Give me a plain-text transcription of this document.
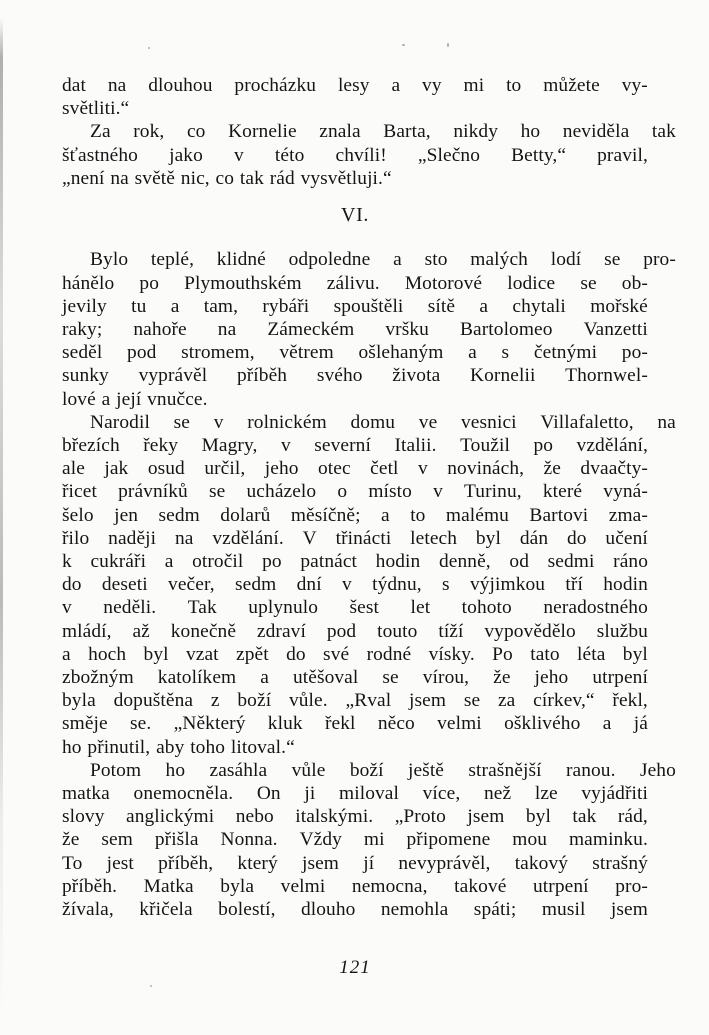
dat na dlouhou procházku lesy a vy mi to můžete vy-
světliti.“
Za rok, co Kornelie znala Barta, nikdy ho neviděla tak
šťastného jako v této chvíli! „Slečno Betty,“ pravil,
„není na světě nic, co tak rád vysvětluji.“
VI.
Bylo teplé, klidné odpoledne a sto malých lodí se pro-
hánělo po Plymouthském zálivu. Motorové lodice se ob-
jevily tu a tam, rybáři spouštěli sítě a chytali mořské
raky; nahoře na Zámeckém vršku Bartolomeo Vanzetti
seděl pod stromem, větrem ošlehaným a s četnými po-
sunky vyprávěl příběh svého života Kornelii Thornwel-
lové a její vnučce.
Narodil se v rolnickém domu ve vesnici Villafaletto, na
březích řeky Magry, v severní Italii. Toužil po vzdělání,
ale jak osud určil, jeho otec četl v novinách, že dvaačty-
řicet právníků se ucházelo o místo v Turinu, které vyná-
šelo jen sedm dolarů měsíčně; a to malému Bartovi zma-
řilo naději na vzdělání. V třinácti letech byl dán do učení
k cukráři a otročil po patnáct hodin denně, od sedmi ráno
do deseti večer, sedm dní v týdnu, s výjimkou tří hodin
v neděli. Tak uplynulo šest let tohoto neradostného
mládí, až konečně zdraví pod touto tíží vypovědělo službu
a hoch byl vzat zpět do své rodné vísky. Po tato léta byl
zbožným katolíkem a utěšoval se vírou, že jeho utrpení
byla dopuštěna z boží vůle. „Rval jsem se za církev,“ řekl,
směje se. „Některý kluk řekl něco velmi ošklivého a já
ho přinutil, aby toho litoval.“
Potom ho zasáhla vůle boží ještě strašnější ranou. Jeho
matka onemocněla. On ji miloval více, než lze vyjádřiti
slovy anglickými nebo italskými. „Proto jsem byl tak rád,
že sem přišla Nonna. Vždy mi připomene mou maminku.
To jest příběh, který jsem jí nevyprávěl, takový strašný
příběh. Matka byla velmi nemocna, takové utrpení pro-
žívala, křičela bolestí, dlouho nemohla spáti; musil jsem
121
